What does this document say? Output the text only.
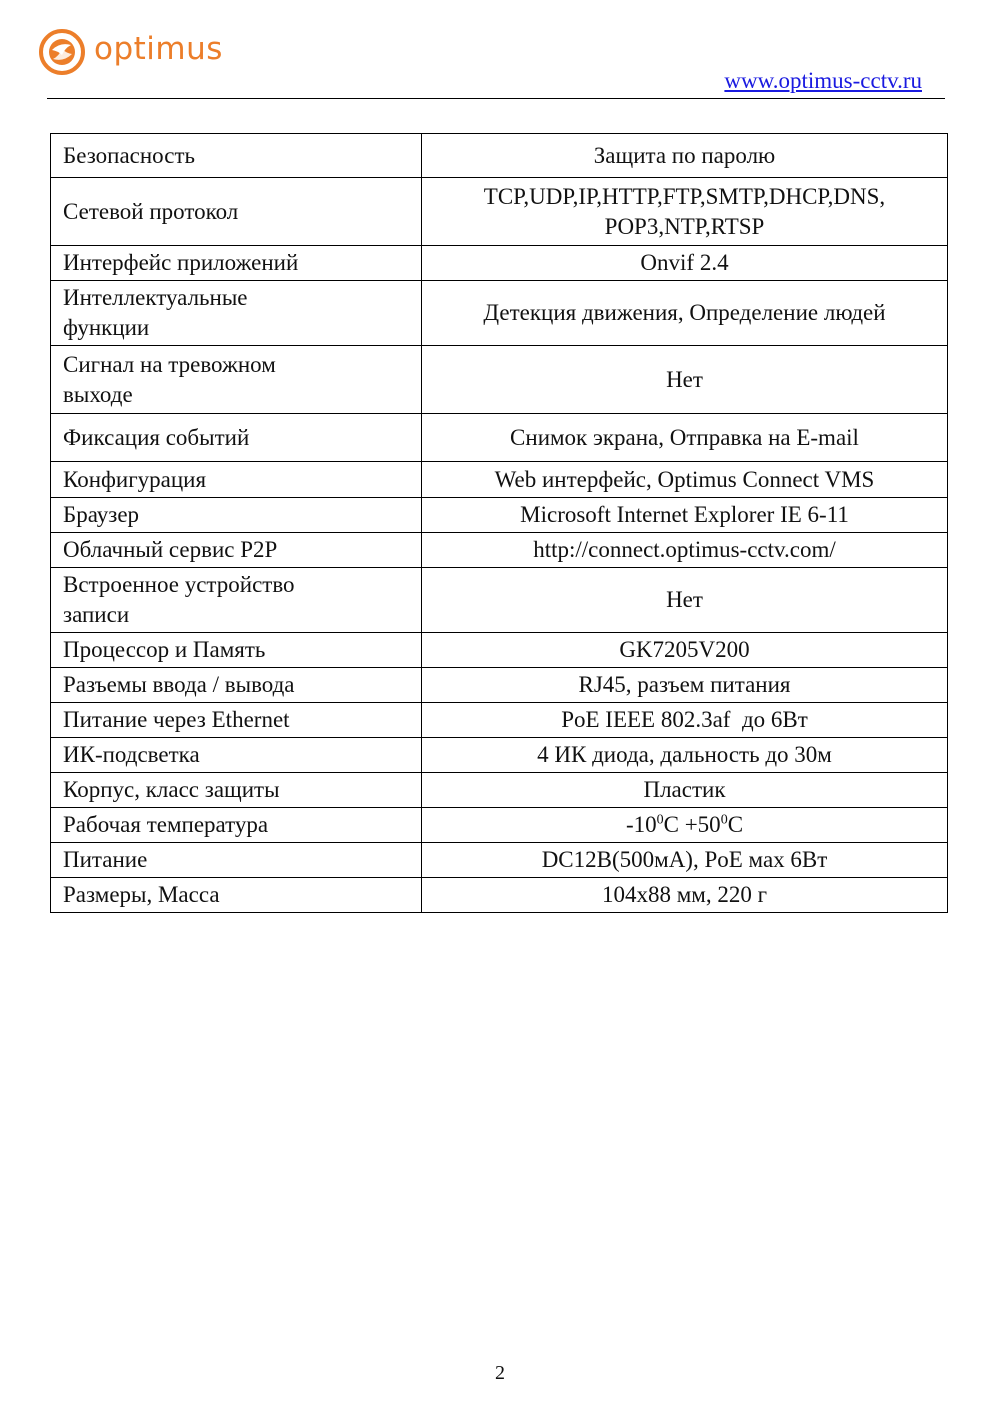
optimus
www.optimus-cctv.ru
Безопасность	Защита по паролю
Сетевой протокол	TCP,UDP,IP,HTTP,FTP,SMTP,DHCP,DNS,
POP3,NTP,RTSP
Интерфейс приложений	Onvif 2.4
Интеллектуальные
функции	Детекция движения, Определение людей
Сигнал на тревожном
выходе	Нет
Фиксация событий	Снимок экрана, Отправка на E-mail
Конфигурация	Web интерфейс, Optimus Connect VMS
Браузер	Microsoft Internet Explorer IE 6-11
Облачный сервис P2P	http://connect.optimus-cctv.com/
Встроенное устройство
записи	Нет
Процессор и Память	GK7205V200
Разъемы ввода / вывода	RJ45, разъем питания
Питание через Ethernet	PoE IEEE 802.3af  до 6Вт
ИК-подсветка	4 ИК диода, дальность до 30м
Корпус, класс защиты	Пластик
Рабочая температура	$-10^0C +50^0C$
Питание	DC12В(500мА), PoE мах 6Вт
Размеры, Масса	104х88 мм, 220 г
2
